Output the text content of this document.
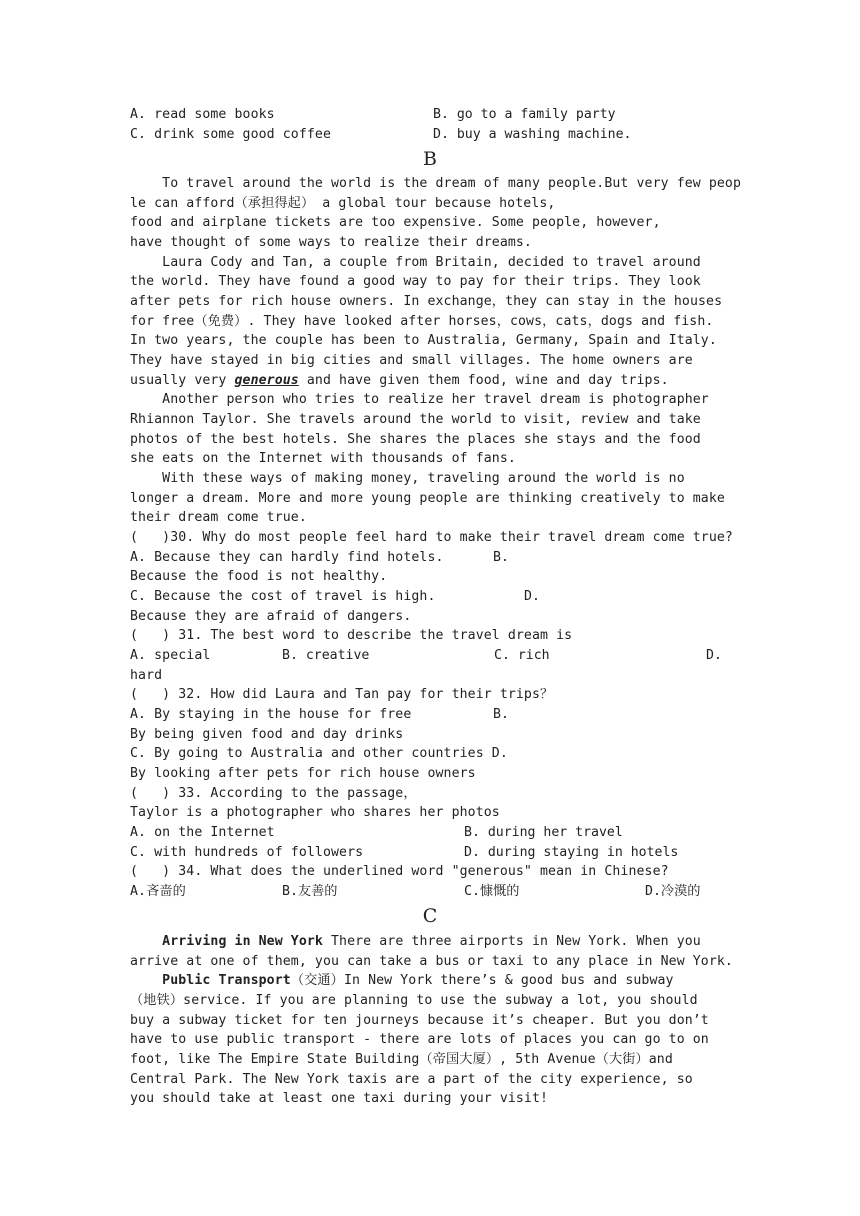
A. read some books	B. go to a family party
C. drink some good coffee	D. buy a washing machine.
B
To travel around the world is the dream of many people.But very few peop
le can afford（承担得起） a global tour because hotels,
food and airplane tickets are too expensive. Some people, however,
have thought of some ways to realize their dreams.
Laura Cody and Tan, a couple from Britain, decided to travel around
the world. They have found a good way to pay for their trips. They look
after pets for rich house owners. In exchange，they can stay in the houses
for free（免费）. They have looked after horses，cows，cats，dogs and fish.
In two years, the couple has been to Australia, Germany, Spain and Italy.
They have stayed in big cities and small villages. The home owners are
usually very generous and have given them food, wine and day trips.
Another person who tries to realize her travel dream is photographer
Rhiannon Taylor. She travels around the world to visit, review and take
photos of the best hotels. She shares the places she stays and the food
she eats on the Internet with thousands of fans.
With these ways of making money, traveling around the world is no
longer a dream. More and more young people are thinking creatively to make
their dream come true.
(   )30. Why do most people feel hard to make their travel dream come true?
A. Because they can hardly find hotels.	B.
Because the food is not healthy.
C. Because the cost of travel is high.	D.
Because they are afraid of dangers.
(   ) 31. The best word to describe the travel dream is
A. special	B. creative	C. rich	D.
hard
(   ) 32. How did Laura and Tan pay for their trips？
A. By staying in the house for free	B.
By being given food and day drinks
C. By going to Australia and other countries D.
By looking after pets for rich house owners
(   ) 33. According to the passage，
Taylor is a photographer who shares her photos
A. on the Internet	B. during her travel
C. with hundreds of followers	D. during staying in hotels
(   ) 34. What does the underlined word "generous" mean in Chinese?
A.吝啬的	B.友善的	C.慷慨的	D.冷漠的
C
Arriving in New York There are three airports in New York. When you
arrive at one of them, you can take a bus or taxi to any place in New York.
Public Transport（交通）In New York there’s & good bus and subway
（地铁）service. If you are planning to use the subway a lot, you should
buy a subway ticket for ten journeys because it’s cheaper. But you don’t
have to use public transport - there are lots of places you can go to on
foot, like The Empire State Building（帝国大厦）, 5th Avenue（大街）and
Central Park. The New York taxis are a part of the city experience, so
you should take at least one taxi during your visit!
